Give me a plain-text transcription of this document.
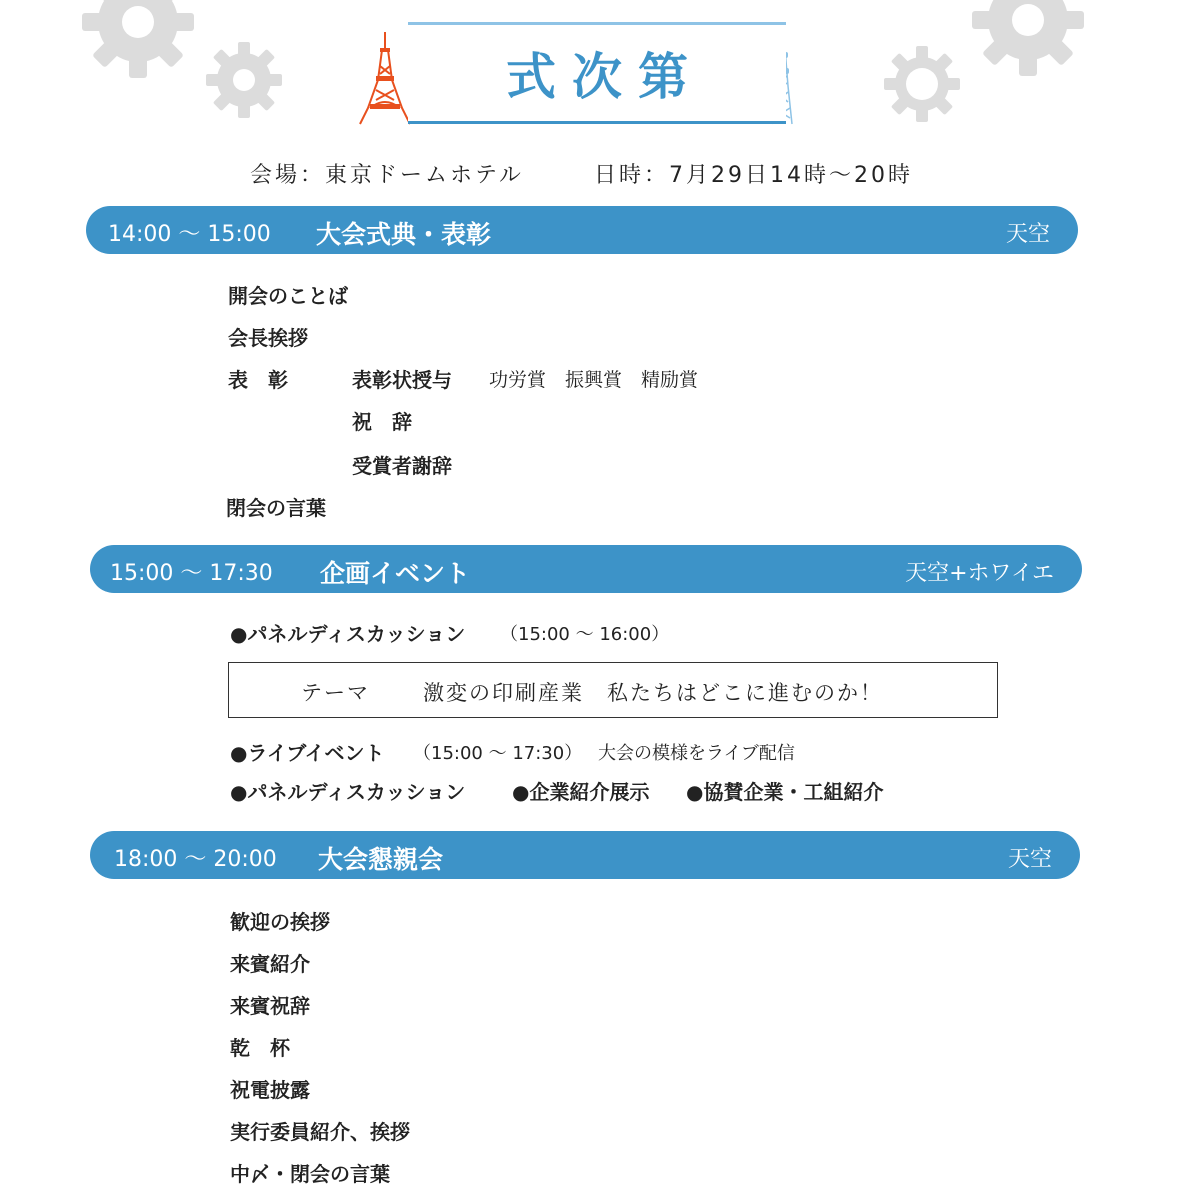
式次第
会場：東京ドームホテル	日時：7月29日14時～20時
14:00 ～ 15:00 大会式典・表彰	天空
開会のことば
会長挨拶
表　彰	表彰状授与 功労賞　振興賞　精励賞
祝　辞
受賞者謝辞
閉会の言葉
15:00 ～ 17:30 企画イベント	天空+ホワイエ
●パネルディスカッション （15:00 ～ 16:00）
テーマ	激変の印刷産業　私たちはどこに進むのか！
●ライブイベント （15:00 ～ 17:30） 大会の模様をライブ配信
●パネルディスカッション ●企業紹介展示 ●協賛企業・工組紹介
18:00 ～ 20:00 大会懇親会	天空
歓迎の挨拶
来賓紹介
来賓祝辞
乾　杯
祝電披露
実行委員紹介、挨拶
中〆・閉会の言葉
